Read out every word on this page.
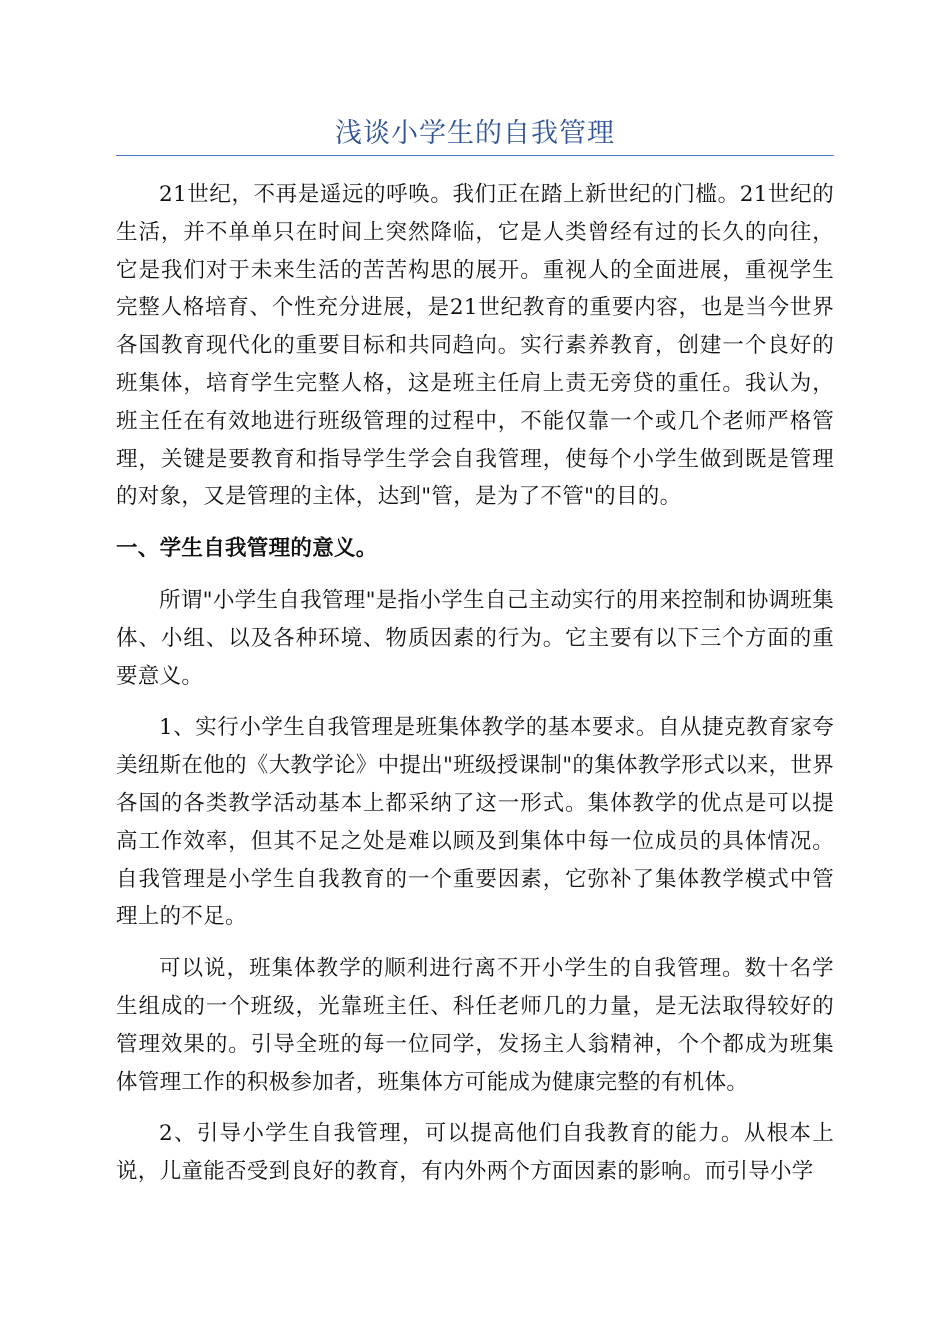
浅谈小学生的自我管理

21世纪，不再是遥远的呼唤。我们正在踏上新世纪的门槛。21世纪的生活，并不单单只在时间上突然降临，它是人类曾经有过的长久的向往，它是我们对于未来生活的苦苦构思的展开。重视人的全面进展，重视学生完整人格培育、个性充分进展，是21世纪教育的重要内容，也是当今世界各国教育现代化的重要目标和共同趋向。实行素养教育，创建一个良好的班集体，培育学生完整人格，这是班主任肩上责无旁贷的重任。我认为，班主任在有效地进行班级管理的过程中，不能仅靠一个或几个老师严格管理，关键是要教育和指导学生学会自我管理，使每个小学生做到既是管理的对象，又是管理的主体，达到"管，是为了不管"的目的。

一、学生自我管理的意义。

所谓"小学生自我管理"是指小学生自己主动实行的用来控制和协调班集体、小组、以及各种环境、物质因素的行为。它主要有以下三个方面的重要意义。

1、实行小学生自我管理是班集体教学的基本要求。自从捷克教育家夸美纽斯在他的《大教学论》中提出"班级授课制"的集体教学形式以来，世界各国的各类教学活动基本上都采纳了这一形式。集体教学的优点是可以提高工作效率，但其不足之处是难以顾及到集体中每一位成员的具体情况。自我管理是小学生自我教育的一个重要因素，它弥补了集体教学模式中管理上的不足。

可以说，班集体教学的顺利进行离不开小学生的自我管理。数十名学生组成的一个班级，光靠班主任、科任老师几的力量，是无法取得较好的管理效果的。引导全班的每一位同学，发扬主人翁精神，个个都成为班集体管理工作的积极参加者，班集体方可能成为健康完整的有机体。

2、引导小学生自我管理，可以提高他们自我教育的能力。从根本上说，儿童能否受到良好的教育，有内外两个方面因素的影响。而引导小学
